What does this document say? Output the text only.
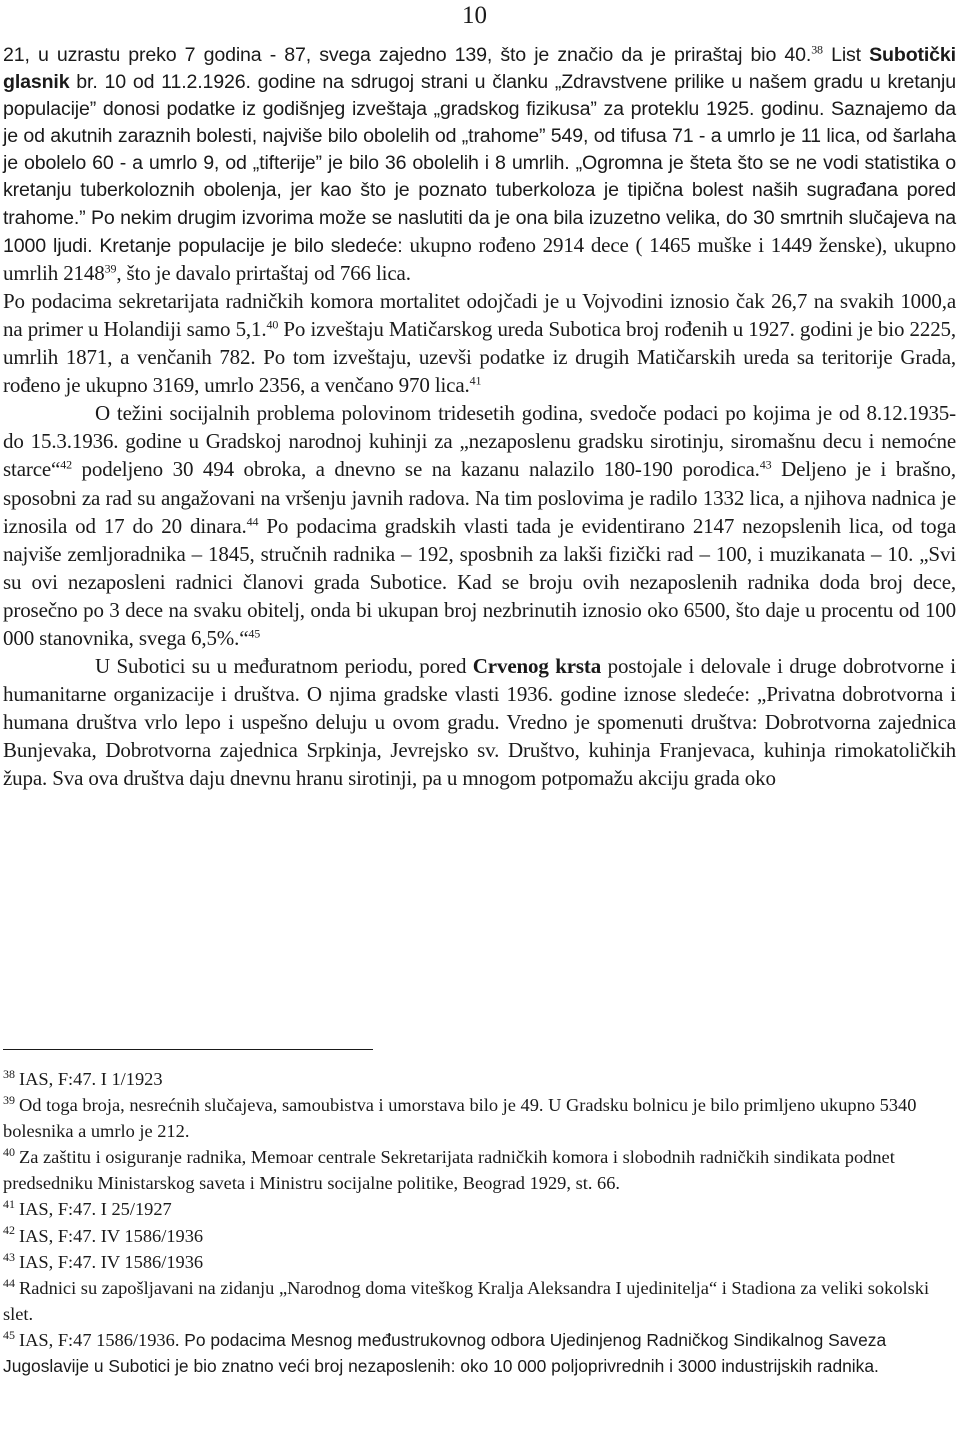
10

21, u uzrastu preko 7 godina - 87, svega zajedno 139, što je značio da je priraštaj bio 40.38 List Subotički glasnik br. 10 od 11.2.1926. godine na sdrugoj strani u članku „Zdravstvene prilike u našem gradu u kretanju populacije” donosi podatke iz godišnjeg izveštaja „gradskog fizikusa” za proteklu 1925. godinu. Saznajemo da je od akutnih zaraznih bolesti, najviše bilo obolelih od „trahome” 549, od tifusa 71 - a umrlo je 11 lica, od šarlaha je obolelo 60 - a umrlo 9, od „tifterije” je bilo 36 obolelih i 8 umrlih. „Ogromna je šteta što se ne vodi statistika o kretanju tuberkoloznih obolenja, jer kao što je poznato tuberkoloza je tipična bolest naših sugrađana pored trahome.” Po nekim drugim izvorima može se naslutiti da je ona bila izuzetno velika, do 30 smrtnih slučajeva na 1000 ljudi. Kretanje populacije je bilo sledeće: ukupno rođeno 2914 dece ( 1465 muške i 1449 ženske), ukupno umrlih 2148$^{39}$, što je davalo prirtaštaj od 766 lica.

Po podacima sekretarijata radničkih komora mortalitet odojčadi je u Vojvodini iznosio čak 26,7 na svakih 1000,a na primer u Holandiji samo 5,1.40 Po izveštaju Matičarskog ureda Subotica broj rođenih u 1927. godini je bio 2225, umrlih 1871, a venčanih 782. Po tom izveštaju, uzevši podatke iz drugih Matičarskih ureda sa teritorije Grada, rođeno je ukupno 3169, umrlo 2356, a venčano 970 lica.$^{41}$

O težini socijalnih problema polovinom tridesetih godina, svedoče podaci po kojima je od 8.12.1935- do 15.3.1936. godine u Gradskoj narodnoj kuhinji za „nezaposlenu gradsku sirotinju, siromašnu decu i nemoćne starce“$^{42}$ podeljeno 30 494 obroka, a dnevno se na kazanu nalazilo 180-190 porodica.$^{43}$ Deljeno je i brašno, sposobni za rad su angažovani na vršenju javnih radova. Na tim poslovima je radilo 1332 lica, a njihova nadnica je iznosila od 17 do 20 dinara.$^{44}$ Po podacima gradskih vlasti tada je evidentirano 2147 nezopslenih lica, od toga najviše zemljoradnika – 1845, stručnih radnika – 192, sposbnih za lakši fizički rad – 100, i muzikanata – 10. „Svi su ovi nezaposleni radnici članovi grada Subotice. Kad se broju ovih nezaposlenih radnika doda broj dece, prosečno po 3 dece na svaku obitelj, onda bi ukupan broj nezbrinutih iznosio oko 6500, što daje u procentu od 100 000 stanovnika, svega 6,5%.“$^{45}$

U Subotici su u međuratnom periodu, pored Crvenog krsta postojale i delovale i druge dobrotvorne i humanitarne organizacije i društva. O njima gradske vlasti 1936. godine iznose sledeće: „Privatna dobrotvorna i humana društva vrlo lepo i uspešno deluju u ovom gradu. Vredno je spomenuti društva: Dobrotvorna zajednica Bunjevaka, Dobrotvorna zajednica Srpkinja, Jevrejsko sv. Društvo, kuhinja Franjevaca, kuhinja rimokatoličkih župa. Sva ova društva daju dnevnu hranu sirotinji, pa u mnogom potpomažu akciju grada oko

$^{38}$ IAS, F:47. I 1/1923
$^{39}$ Od toga broja, nesrećnih slučajeva, samoubistva i umorstava bilo je 49. U Gradsku bolnicu je bilo primljeno ukupno 5340 bolesnika a umrlo je 212.
$^{40}$ Za zaštitu i osiguranje radnika, Memoar centrale Sekretarijata radničkih komora i slobodnih radničkih sindikata podnet predsedniku Ministarskog saveta i Ministru socijalne politike, Beograd 1929, st. 66.
$^{41}$ IAS, F:47. I 25/1927
$^{42}$ IAS, F:47. IV 1586/1936
$^{43}$ IAS, F:47. IV 1586/1936
$^{44}$ Radnici su zapošljavani na zidanju „Narodnog doma viteškog Kralja Aleksandra I ujedinitelja“ i Stadiona za veliki sokolski slet.
$^{45}$ IAS, F:47 1586/1936. Po podacima Mesnog međustrukovnog odbora Ujedinjenog Radničkog Sindikalnog Saveza Jugoslavije u Subotici je bio znatno veći broj nezaposlenih: oko 10 000 poljoprivrednih i 3000 industrijskih radnika.
